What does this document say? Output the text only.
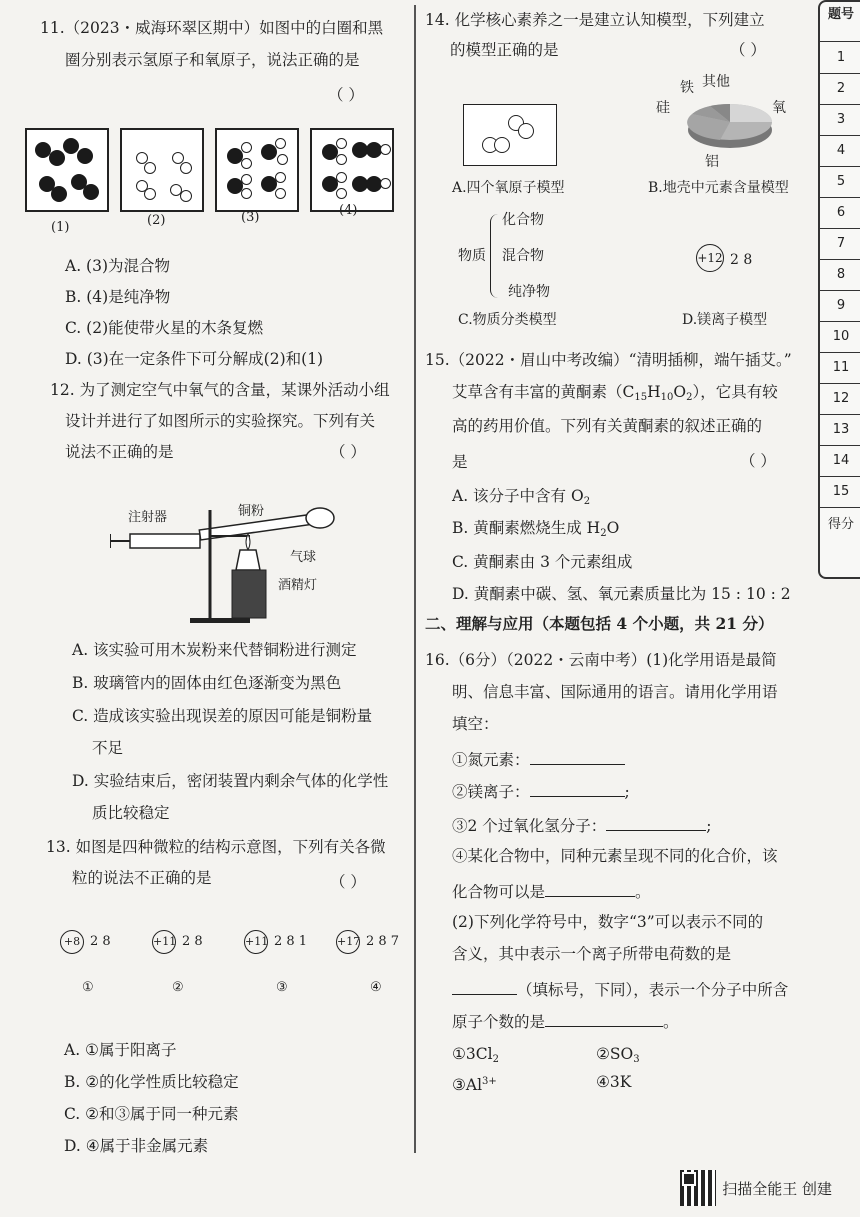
11.（2023・威海环翠区期中）如图中的白圈和黑
圈分别表示氢原子和氧原子，说法正确的是
（ ）
(1)	(2)	(3)	(4)
A. (3)为混合物
B. (4)是纯净物
C. (2)能使带火星的木条复燃
D. (3)在一定条件下可分解成(2)和(1)
12. 为了测定空气中氧气的含量，某课外活动小组
设计并进行了如图所示的实验探究。下列有关
说法不正确的是	（ ）
注射器	铜粉
气球
酒精灯
A. 该实验可用木炭粉来代替铜粉进行测定
B. 玻璃管内的固体由红色逐渐变为黑色
C. 造成该实验出现误差的原因可能是铜粉量
不足
D. 实验结束后，密闭装置内剩余气体的化学性
质比较稳定
13. 如图是四种微粒的结构示意图，下列有关各微
粒的说法不正确的是	（ ）
+8 2 8
①
+11 2 8
②
+11 2 8 1
③
+17 2 8 7
④
A. ①属于阳离子
B. ②的化学性质比较稳定
C. ②和③属于同一种元素
D. ④属于非金属元素
14. 化学核心素养之一是建立认知模型，下列建立
的模型正确的是	（ ）
A.四个氧原子模型
铁 其他
硅	氧
铝
B.地壳中元素含量模型
物质
化合物
混合物
纯净物
C.物质分类模型
+12 2 8
D.镁离子模型
15.（2022・眉山中考改编）“清明插柳，端午插艾。”
艾草含有丰富的黄酮素$(C_{15}H_{10}O_2)$，它具有较
高的药用价值。下列有关黄酮素的叙述正确的
是	（ ）
A. 该分子中含有 $O_2$
B. 黄酮素燃烧生成 $H_2O$
C. 黄酮素由 3 个元素组成
D. 黄酮素中碳、氢、氧元素质量比为 15 : 10 : 2
二、理解与应用（本题包括 4 个小题，共 21 分）
16.（6分）（2022・云南中考）(1)化学用语是最简
明、信息丰富、国际通用的语言。请用化学用语
填空：
①氮元素：
②镁离子：	;
③2 个过氧化氢分子：	;
④某化合物中，同种元素呈现不同的化合价，该
化合物可以是	。
(2)下列化学符号中，数字“3”可以表示不同的
含义，其中表示一个离子所带电荷数的是
（填标号，下同），表示一个分子中所含
原子个数的是	。
$①3Cl_2$	$②SO_3$
$③Al^{3+}$	④3K
题号
1
2
3
4
5
6
7
8
9
10
11
12
13
14
15
得分
扫描全能王 创建
